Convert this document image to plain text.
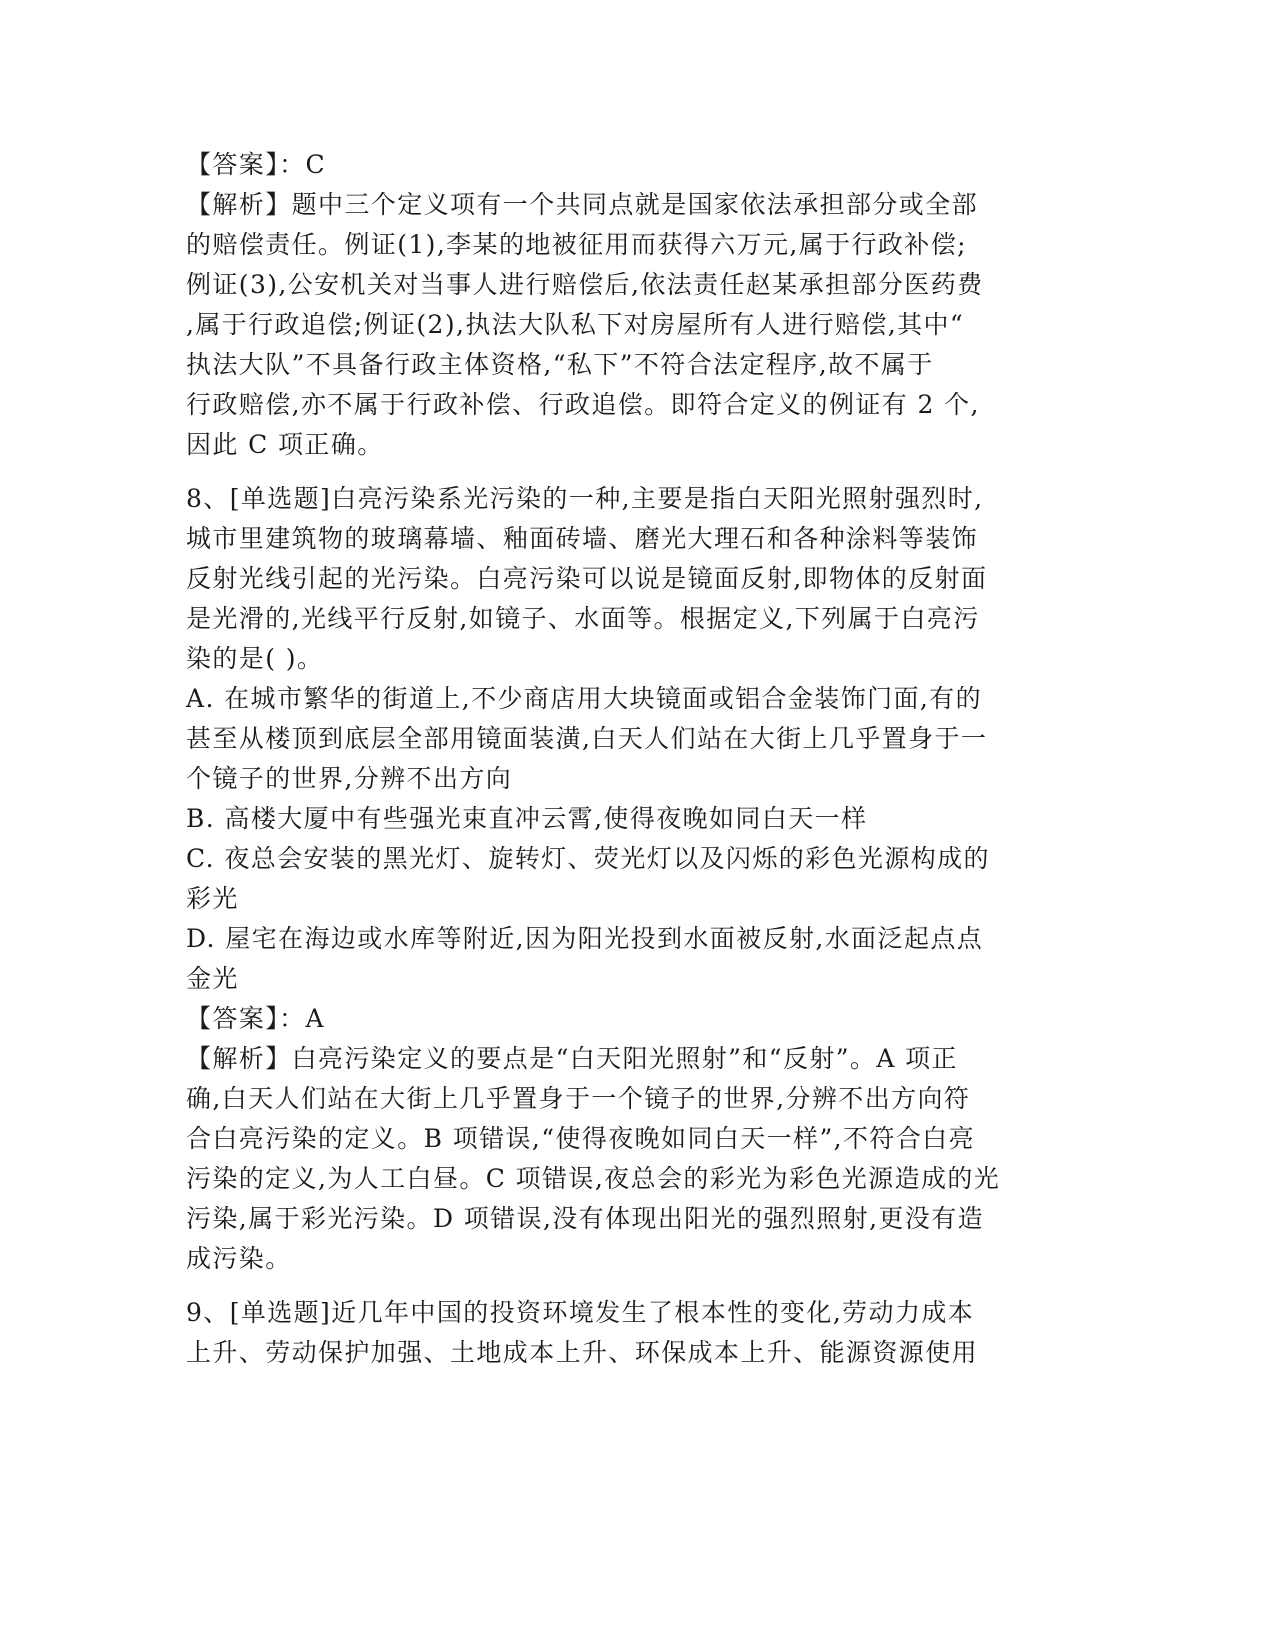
【答案】：C
【解析】题中三个定义项有一个共同点就是国家依法承担部分或全部
的赔偿责任。例证(1),李某的地被征用而获得六万元,属于行政补偿;
例证(3),公安机关对当事人进行赔偿后,依法责任赵某承担部分医药费
,属于行政追偿;例证(2),执法大队私下对房屋所有人进行赔偿,其中“
执法大队”不具备行政主体资格,“私下”不符合法定程序,故不属于
行政赔偿,亦不属于行政补偿、行政追偿。即符合定义的例证有 2 个,
因此 C 项正确。
8、[单选题]白亮污染系光污染的一种,主要是指白天阳光照射强烈时,
城市里建筑物的玻璃幕墙、釉面砖墙、磨光大理石和各种涂料等装饰
反射光线引起的光污染。白亮污染可以说是镜面反射,即物体的反射面
是光滑的,光线平行反射,如镜子、水面等。根据定义,下列属于白亮污
染的是( )。
A. 在城市繁华的街道上,不少商店用大块镜面或铝合金装饰门面,有的
甚至从楼顶到底层全部用镜面装潢,白天人们站在大街上几乎置身于一
个镜子的世界,分辨不出方向
B. 高楼大厦中有些强光束直冲云霄,使得夜晚如同白天一样
C. 夜总会安装的黑光灯、旋转灯、荧光灯以及闪烁的彩色光源构成的
彩光
D. 屋宅在海边或水库等附近,因为阳光投到水面被反射,水面泛起点点
金光
【答案】：A
【解析】白亮污染定义的要点是“白天阳光照射”和“反射”。A 项正
确,白天人们站在大街上几乎置身于一个镜子的世界,分辨不出方向符
合白亮污染的定义。B 项错误,“使得夜晚如同白天一样”,不符合白亮
污染的定义,为人工白昼。C 项错误,夜总会的彩光为彩色光源造成的光
污染,属于彩光污染。D 项错误,没有体现出阳光的强烈照射,更没有造
成污染。
9、[单选题]近几年中国的投资环境发生了根本性的变化,劳动力成本
上升、劳动保护加强、土地成本上升、环保成本上升、能源资源使用
